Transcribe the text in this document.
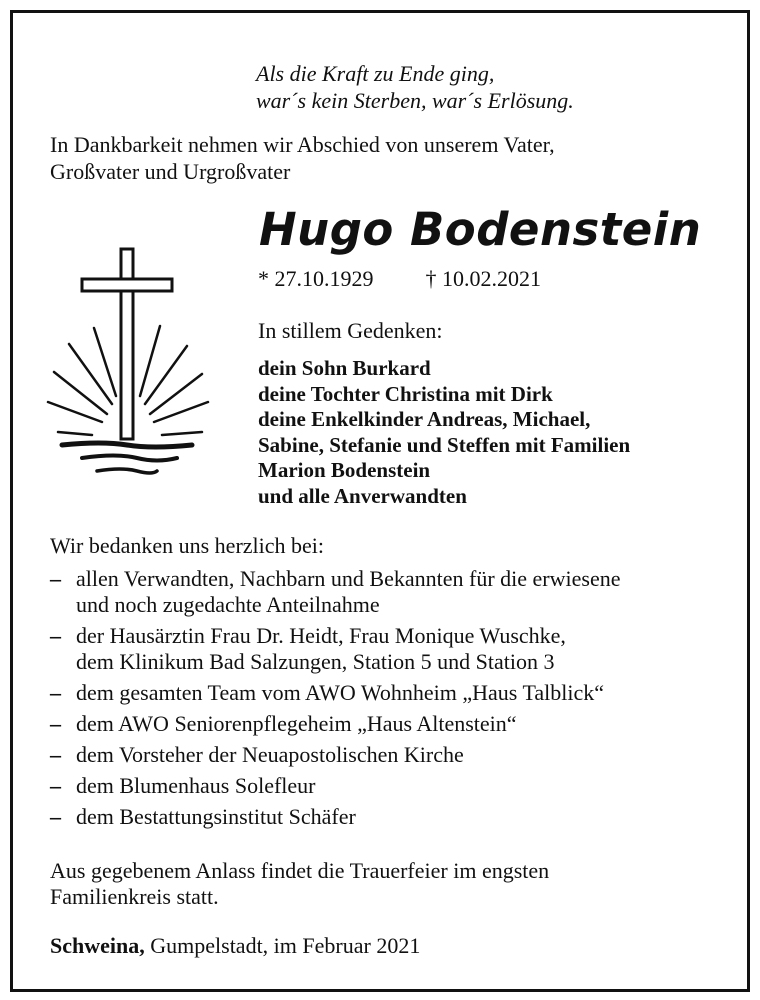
Als die Kraft zu Ende ging,
war´s kein Sterben, war´s Erlösung.
In Dankbarkeit nehmen wir Abschied von unserem Vater,
Großvater und Urgroßvater
Hugo Bodenstein
* 27.10.1929 † 10.02.2021
In stillem Gedenken:
dein Sohn Burkard
deine Tochter Christina mit Dirk
deine Enkelkinder Andreas, Michael,
Sabine, Stefanie und Steffen mit Familien
Marion Bodenstein
und alle Anverwandten
Wir bedanken uns herzlich bei:
– allen Verwandten, Nachbarn und Bekannten für die erwiesene
und noch zugedachte Anteilnahme
– der Hausärztin Frau Dr. Heidt, Frau Monique Wuschke,
dem Klinikum Bad Salzungen, Station 5 und Station 3
– dem gesamten Team vom AWO Wohnheim „Haus Talblick“
– dem AWO Seniorenpflegeheim „Haus Altenstein“
– dem Vorsteher der Neuapostolischen Kirche
– dem Blumenhaus Solefleur
– dem Bestattungsinstitut Schäfer
Aus gegebenem Anlass findet die Trauerfeier im engsten
Familienkreis statt.
Schweina, Gumpelstadt, im Februar 2021
